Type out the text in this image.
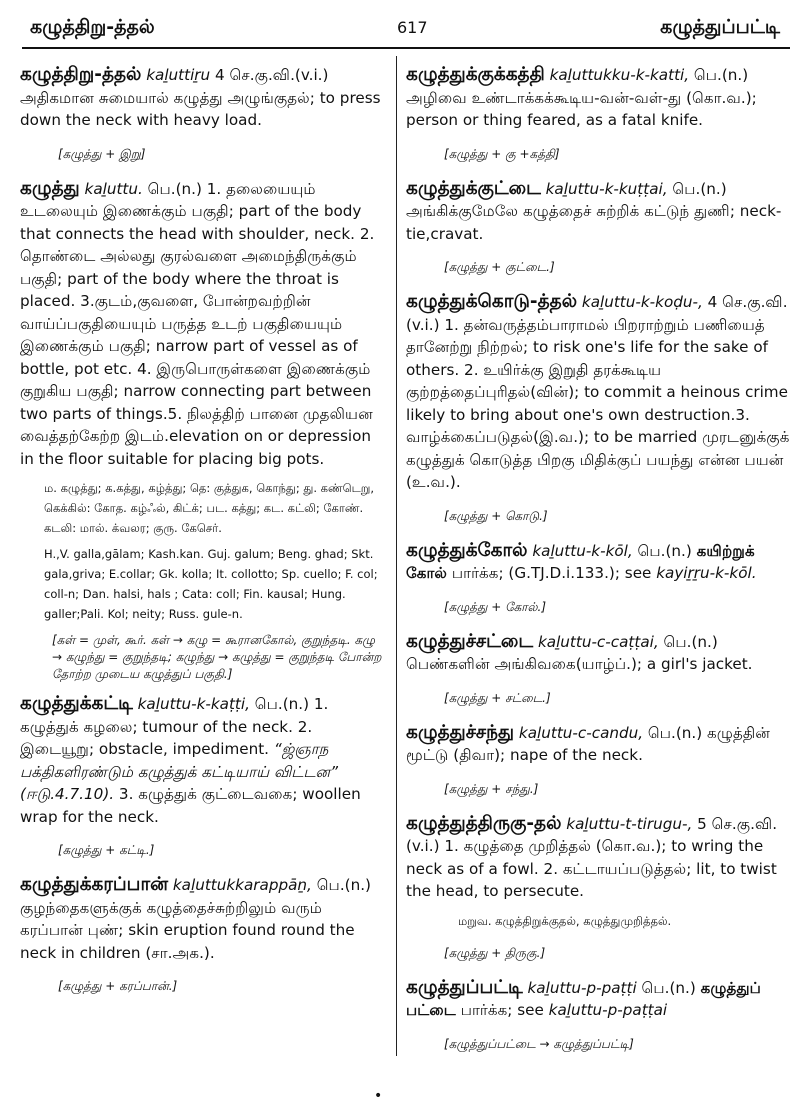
கழுத்திறு-த்தல்	617	கழுத்துப்பட்டி

கழுத்திறு-த்தல் kaḻuttiṟu 4 செ.கு.வி.(v.i.) அதிகமான சுமையால் கழுத்து அழுங்குதல்; to press down the neck with heavy load.

[கழுத்து + இறு]

கழுத்து kaḻuttu. பெ.(n.) 1. தலையையும் உடலையும் இணைக்கும் பகுதி; part of the body that connects the head with shoulder, neck. 2. தொண்டை அல்லது குரல்வளை அமைந்திருக்கும் பகுதி; part of the body where the throat is placed. 3.குடம்,குவளை, போன்றவற்றின் வாய்ப்பகுதியையும் பருத்த உடற் பகுதியையும் இணைக்கும் பகுதி; narrow part of vessel as of bottle, pot etc. 4. இருபொருள்களை இணைக்கும் குறுகிய பகுதி; narrow connecting part between two parts of things.5. நிலத்திற் பானை முதலியன வைத்தற்கேற்ற இடம்.elevation on or depression in the floor suitable for placing big pots.

ம. கழுத்து; க.கத்து, கழ்த்து; தெ: குத்துக, கொந்து; து. கண்டெறு, கெக்கில்: கோத. கழ்ஃல், கிட்க்; பட. கத்து; கட. கட்லி; கோண். கடலி: மால். க்வலர; குரு. கேசெர்.
H.,V. galla,gālam; Kash.kan. Guj. galum; Beng. ghad; Skt. gala,griva; E.collar; Gk. kolla; It. collotto; Sp. cuello; F. col; coll-n; Dan. halsi, hals ; Cata: coll; Fin. kausal; Hung. galler;Pali. Kol; neity; Russ. gule-n.
[கள் = முள், கூர். கள் → கழு = கூரானகோல், குறுந்தடி. கழு → கழுந்து = குறுந்தடி; கழுந்து → கழுத்து = குறுந்தடி போன்ற தோற்ற முடைய கழுத்துப் பகுதி.]

கழுத்துக்கட்டி kaḻuttu-k-kaṭṭi, பெ.(n.) 1. கழுத்துக் கழலை; tumour of the neck. 2. இடையூறு; obstacle, impediment. “ஜ்ஞாந பக்திகளிரண்டும் கழுத்துக் கட்டியாய் விட்டன” (ஈடு.4.7.10). 3. கழுத்துக் குட்டைவகை; woollen wrap for the neck.

[கழுத்து + கட்டி.]

கழுத்துக்கரப்பான் kaḻuttukkarappāṉ, பெ.(n.) குழந்தைகளுக்குக் கழுத்தைச்சுற்றிலும் வரும் கரப்பான் புண்; skin eruption found round the neck in children (சா.அக.).

[கழுத்து + கரப்பான்.]

கழுத்துக்குக்கத்தி kaḻuttukku-k-katti, பெ.(n.) அழிவை உண்டாக்கக்கூடிய-வன்-வள்-து (கொ.வ.); person or thing feared, as a fatal knife.

[கழுத்து + கு +கத்தி]

கழுத்துக்குட்டை kaḻuttu-k-kuṭṭai, பெ.(n.) அங்கிக்குமேலே கழுத்தைச் சுற்றிக் கட்டுந் துணி; neck-tie,cravat.

[கழுத்து + குட்டை.]

கழுத்துக்கொடு-த்தல் kaḻuttu-k-koḍu-, 4 செ.கு.வி.(v.i.) 1. தன்வருத்தம்பாராமல் பிறராற்றும் பணியைத் தானேற்று நிற்றல்; to risk one's life for the sake of others. 2. உயிர்க்கு இறுதி தரக்கூடிய குற்றத்தைப்புரிதல்(வின்); to commit a heinous crime likely to bring about one's own destruction.3. வாழ்க்கைப்படுதல்(இ.வ.); to be married முரடனுக்குக் கழுத்துக் கொடுத்த பிறகு மிதிக்குப் பயந்து என்ன பயன் (உ.வ.).

[கழுத்து + கொடு.]

கழுத்துக்கோல் kaḻuttu-k-kōl, பெ.(n.) கயிற்றுக் கோல் பார்க்க; (G.TJ.D.i.133.); see kayiṟṟu-k-kōl.

[கழுத்து + கோல்.]

கழுத்துச்சட்டை kaḻuttu-c-caṭṭai, பெ.(n.) பெண்களின் அங்கிவகை(யாழ்ப்.); a girl's jacket.

[கழுத்து + சட்டை.]

கழுத்துச்சந்து kaḻuttu-c-candu, பெ.(n.) கழுத்தின் மூட்டு (திவா); nape of the neck.

[கழுத்து + சந்து.]

கழுத்துத்திருகு-தல் kaḻuttu-t-tirugu-, 5 செ.கு.வி. (v.i.) 1. கழுத்தை முறித்தல் (கொ.வ.); to wring the neck as of a fowl. 2. கட்டாயப்படுத்தல்; lit, to twist the head, to persecute.

மறுவ. கழுத்திறுக்குதல், கழுத்துமுறித்தல்.
[கழுத்து + திருகு.]

கழுத்துப்பட்டி kaḻuttu-p-paṭṭi பெ.(n.) கழுத்துப் பட்டை பார்க்க; see kaḻuttu-p-paṭṭai

[கழுத்துப்பட்டை → கழுத்துப்பட்டி]
•
